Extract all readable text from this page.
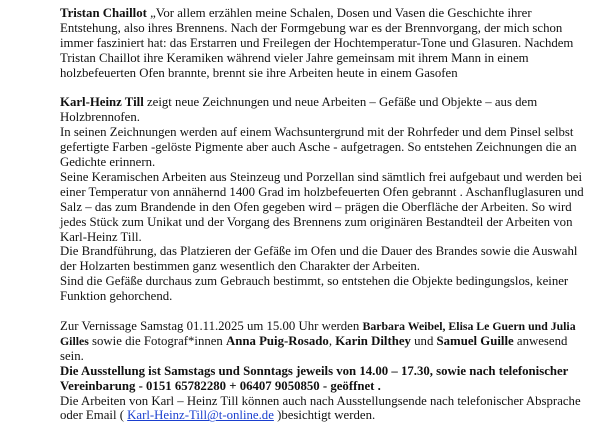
Tristan Chaillot „Vor allem erzählen meine Schalen, Dosen und Vasen die Geschichte ihrer Entstehung, also ihres Brennens. Nach der Formgebung war es der Brennvorgang, der mich schon immer fasziniert hat: das Erstarren und Freilegen der Hochtemperatur-Tone und Glasuren. Nachdem Tristan Chaillot ihre Keramiken während vieler Jahre gemeinsam mit ihrem Mann in einem holzbefeuerten Ofen brannte, brennt sie ihre Arbeiten heute in einem Gasofen

Karl-Heinz Till zeigt neue Zeichnungen und neue Arbeiten – Gefäße und Objekte – aus dem Holzbrennofen.

In seinen Zeichnungen werden auf einem Wachsuntergrund mit der Rohrfeder und dem Pinsel selbst gefertigte Farben -gelöste Pigmente aber auch Asche - aufgetragen. So entstehen Zeichnungen die an Gedichte erinnern.

Seine Keramischen Arbeiten aus Steinzeug und Porzellan sind sämtlich frei aufgebaut und werden bei einer Temperatur von annähernd 1400 Grad im holzbefeuerten Ofen gebrannt . Aschanfluglasuren und Salz – das zum Brandende in den Ofen gegeben wird – prägen die Oberfläche der Arbeiten. So wird jedes Stück zum Unikat und der Vorgang des Brennens zum originären Bestandteil der Arbeiten von Karl-Heinz Till.

Die Brandführung, das Platzieren der Gefäße im Ofen und die Dauer des Brandes sowie die Auswahl der Holzarten bestimmen ganz wesentlich den Charakter der Arbeiten.

Sind die Gefäße durchaus zum Gebrauch bestimmt, so entstehen die Objekte bedingungslos, keiner Funktion gehorchend.

Zur Vernissage Samstag 01.11.2025 um 15.00 Uhr werden Barbara Weibel, Elisa Le Guern und Julia Gilles sowie die Fotograf*innen Anna Puig-Rosado, Karin Dilthey und Samuel Guille anwesend sein.

Die Ausstellung ist Samstags und Sonntags jeweils von 14.00 – 17.30, sowie nach telefonischer
Vereinbarung - 0151 65782280 + 06407 9050850 - geöffnet .

Die Arbeiten von Karl – Heinz Till können auch nach Ausstellungsende nach telefonischer Absprache oder Email ( Karl-Heinz-Till@t-online.de )besichtigt werden.
